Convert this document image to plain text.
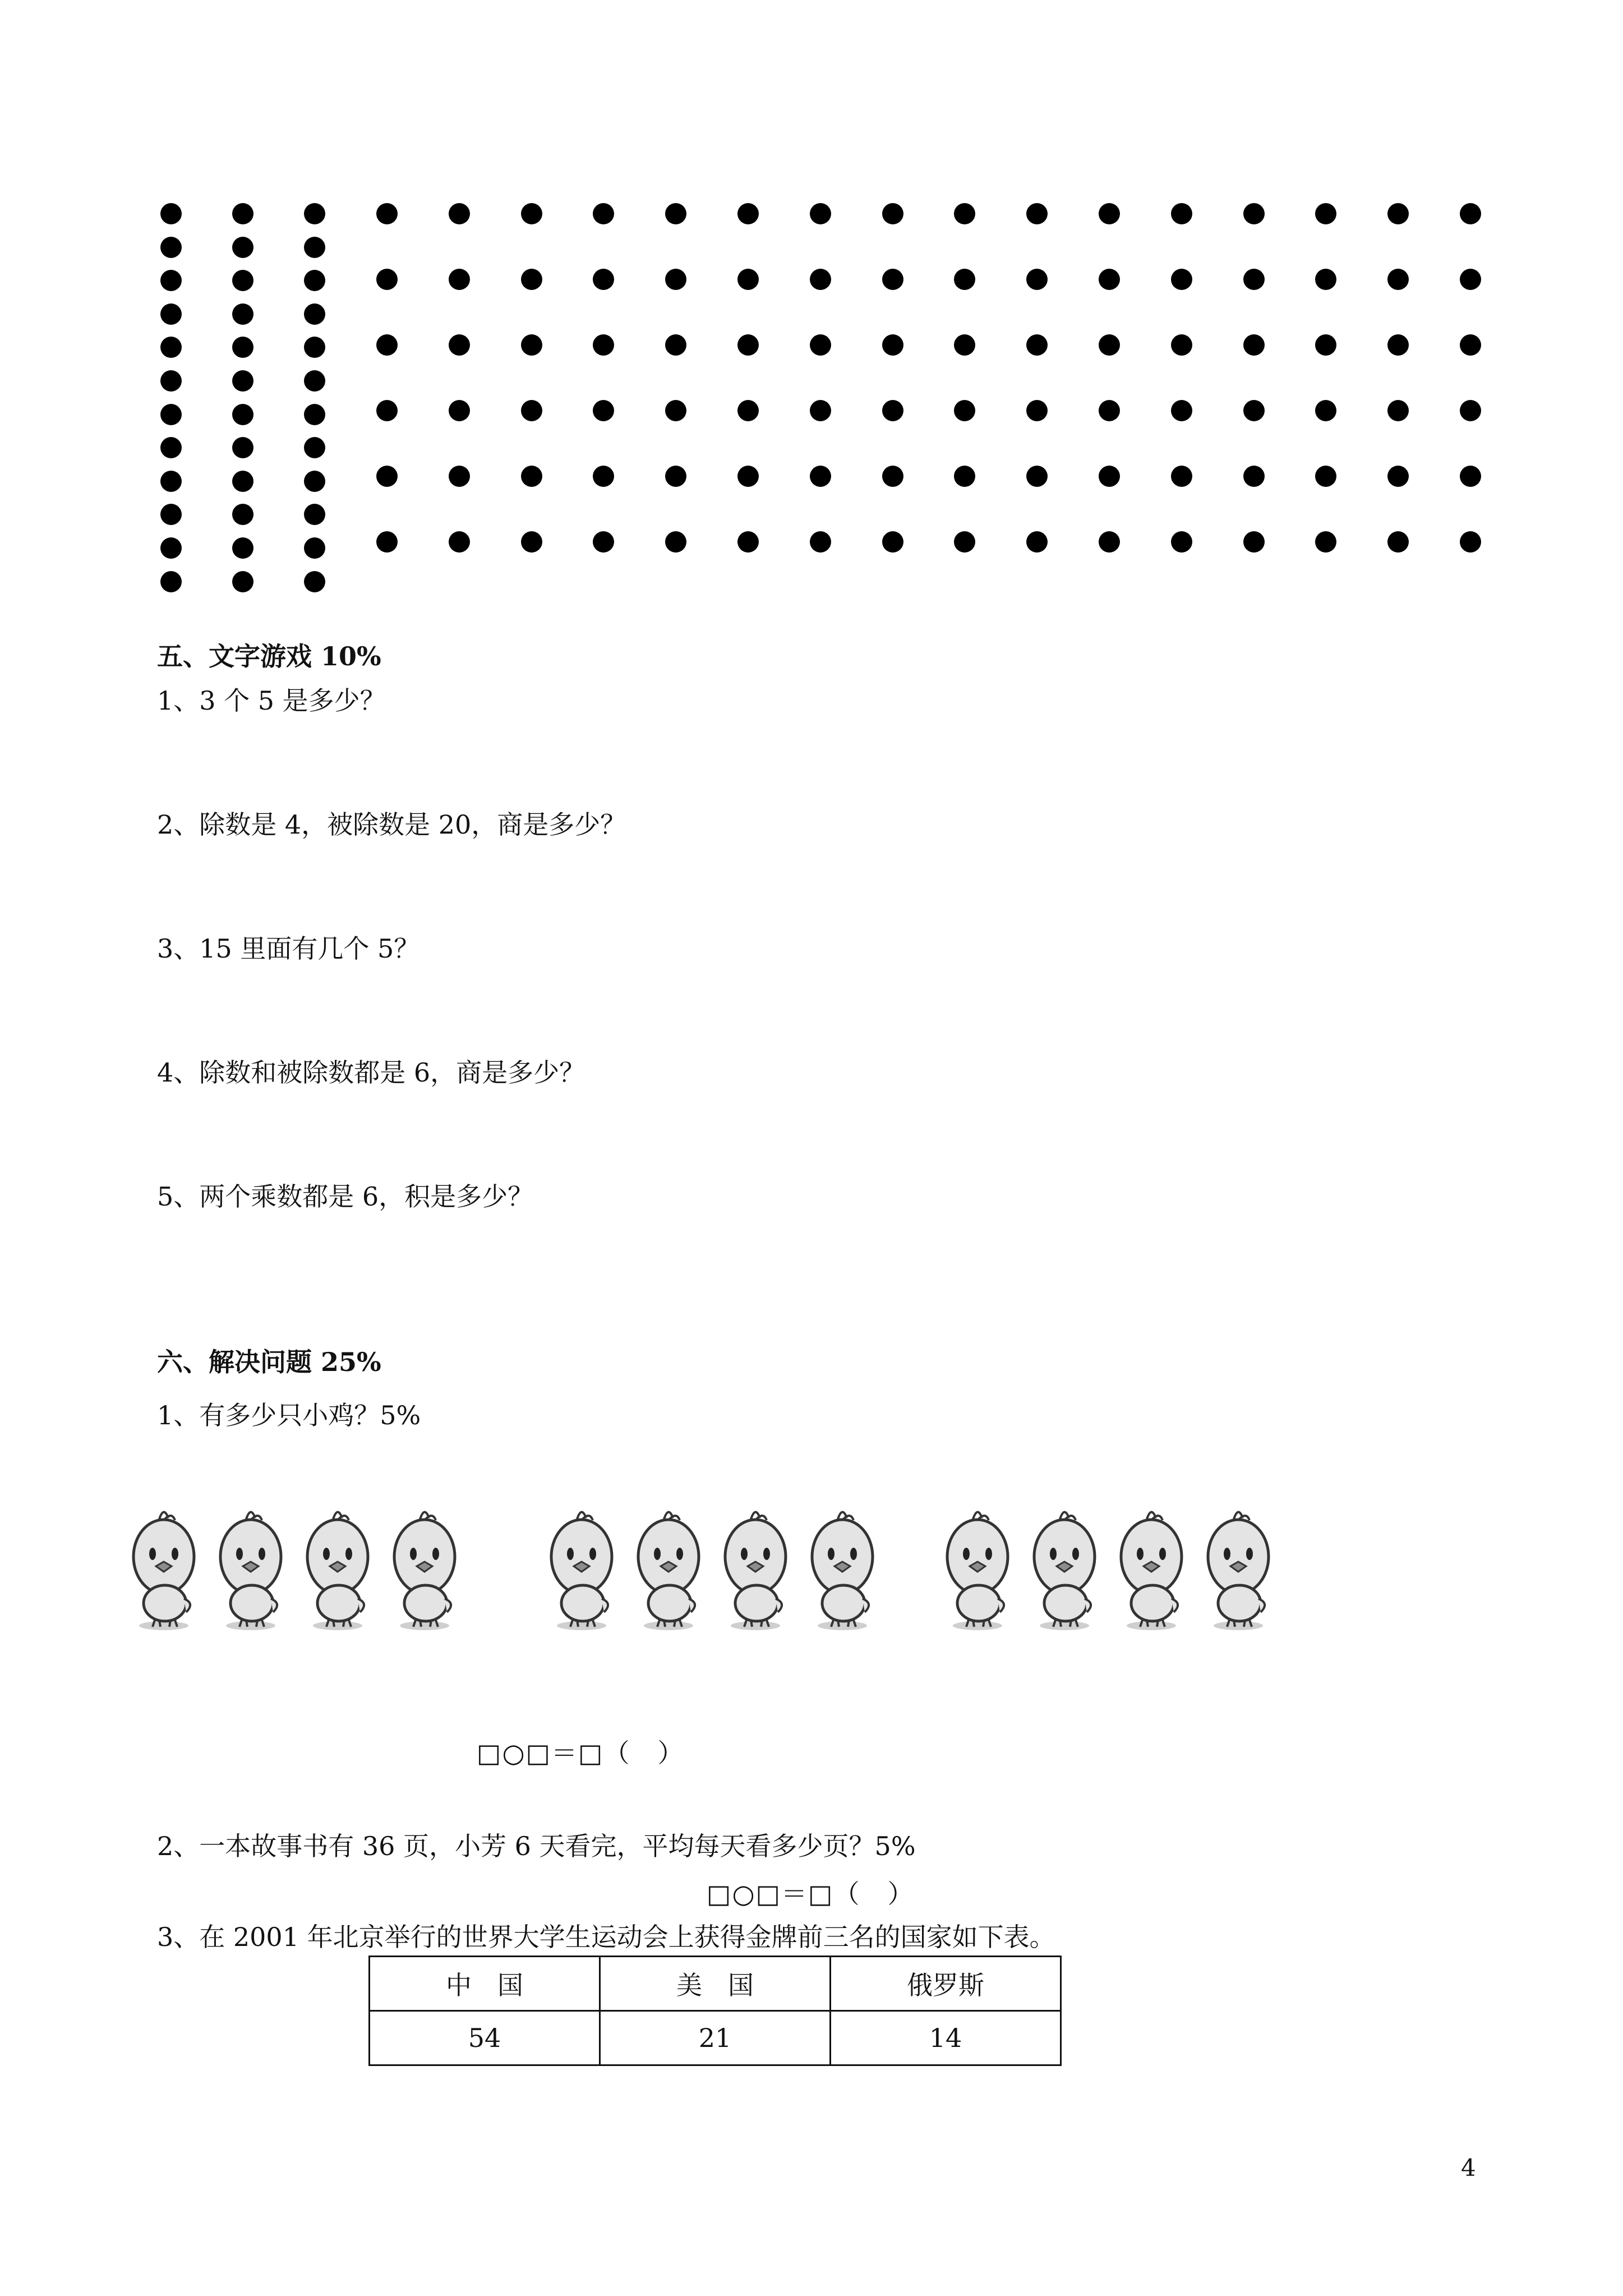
五、文字游戏 10%
1、3 个 5 是多少？
2、除数是 4，被除数是 20，商是多少？
3、15 里面有几个 5？
4、除数和被除数都是 6，商是多少？
5、两个乘数都是 6，积是多少？
六、解决问题 25%
1、有多少只小鸡？5%
□○□＝□（　）
2、一本故事书有 36 页，小芳 6 天看完，平均每天看多少页？5%
□○□＝□（　）
3、在 2001 年北京举行的世界大学生运动会上获得金牌前三名的国家如下表。
中　国	美　国	俄罗斯
54	21	14
4
